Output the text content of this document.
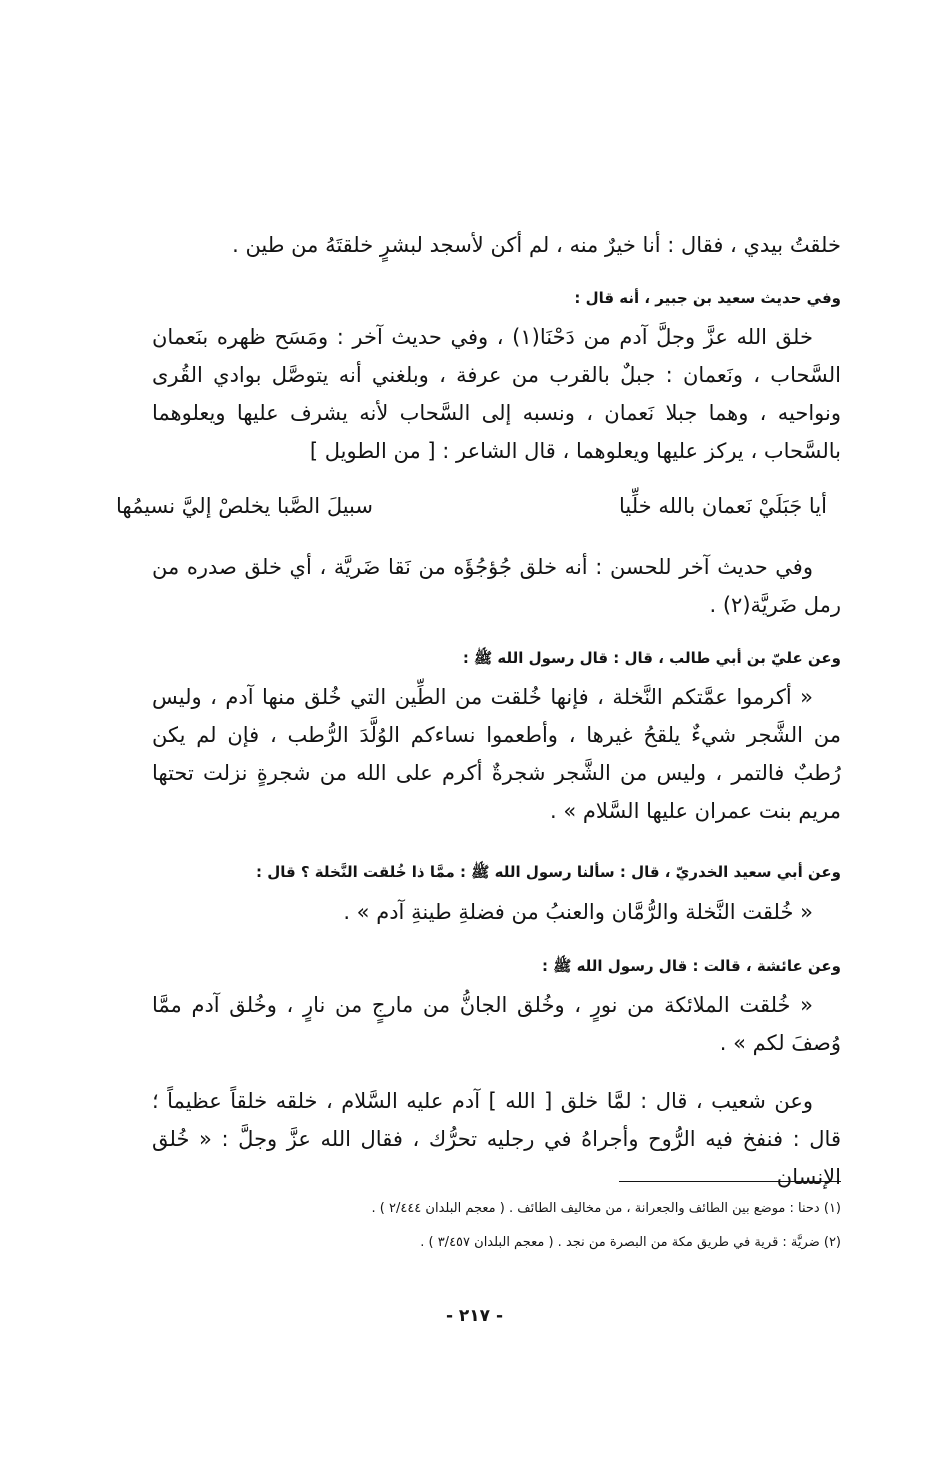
خلقتُ بيدي ، فقال : أنا خيرٌ منه ، لم أكن لأسجد لبشرٍ خلقتَهُ من طين .
وفي حديث سعيد بن جبير ، أنه قال :
خلق الله عزَّ وجلَّ آدم من دَحْنَا(١) ، وفي حديث آخر : ومَسَح ظهره بنَعمان السَّحاب ، ونَعمان : جبلٌ بالقرب من عرفة ، وبلغني أنه يتوصَّل بوادي القُرى ونواحيه ، وهما جبلا نَعمان ، ونسبه إلى السَّحاب لأنه يشرف عليها ويعلوهما بالسَّحاب ، يركز عليها ويعلوهما ، قال الشاعر : [ من الطويل ]
أيا جَبَلَيْ نَعمان بالله خلِّيا
سبيلَ الصَّبا يخلصْ إليَّ نسيمُها
وفي حديث آخر للحسن : أنه خلق جُؤجُؤَه من نَقا ضَريَّة ، أي خلق صدره من رمل ضَريَّة(٢) .
وعن عليّ بن أبي طالب ، قال : قال رسول الله ﷺ :
« أكرموا عمَّتكم النَّخلة ، فإنها خُلقت من الطِّين التي خُلق منها آدم ، وليس من الشَّجر شيءٌ يلقحُ غيرها ، وأطعموا نساءكم الوُلَّدَ الرُّطب ، فإن لم يكن رُطبٌ فالتمر ، وليس من الشَّجر شجرةٌ أكرم على الله من شجرةٍ نزلت تحتها مريم بنت عمران عليها السَّلام » .
وعن أبي سعيد الخدريّ ، قال : سألنا رسول الله ﷺ : ممَّا ذا خُلقت النَّخلة ؟ قال :
« خُلقت النَّخلة والرُّمَّان والعنبُ من فضلةِ طينةِ آدم » .
وعن عائشة ، قالت : قال رسول الله ﷺ :
« خُلقت الملائكة من نورٍ ، وخُلق الجانُّ من مارجٍ من نارٍ ، وخُلق آدم ممَّا وُصفَ لكم » .
وعن شعيب ، قال : لمَّا خلق [ الله ] آدم عليه السَّلام ، خلقه خلقاً عظيماً ؛ قال : فنفخ فيه الرُّوح وأجراهُ في رجليه تحرُّك ، فقال الله عزَّ وجلَّ : « خُلق الإنسان
(١) دحنا : موضع بين الطائف والجعرانة ، من مخاليف الطائف . ( معجم البلدان ٢/٤٤٤ ) .
(٢) ضريَّة : قرية في طريق مكة من البصرة من نجد . ( معجم البلدان ٣/٤٥٧ ) .
- ٢١٧ -
